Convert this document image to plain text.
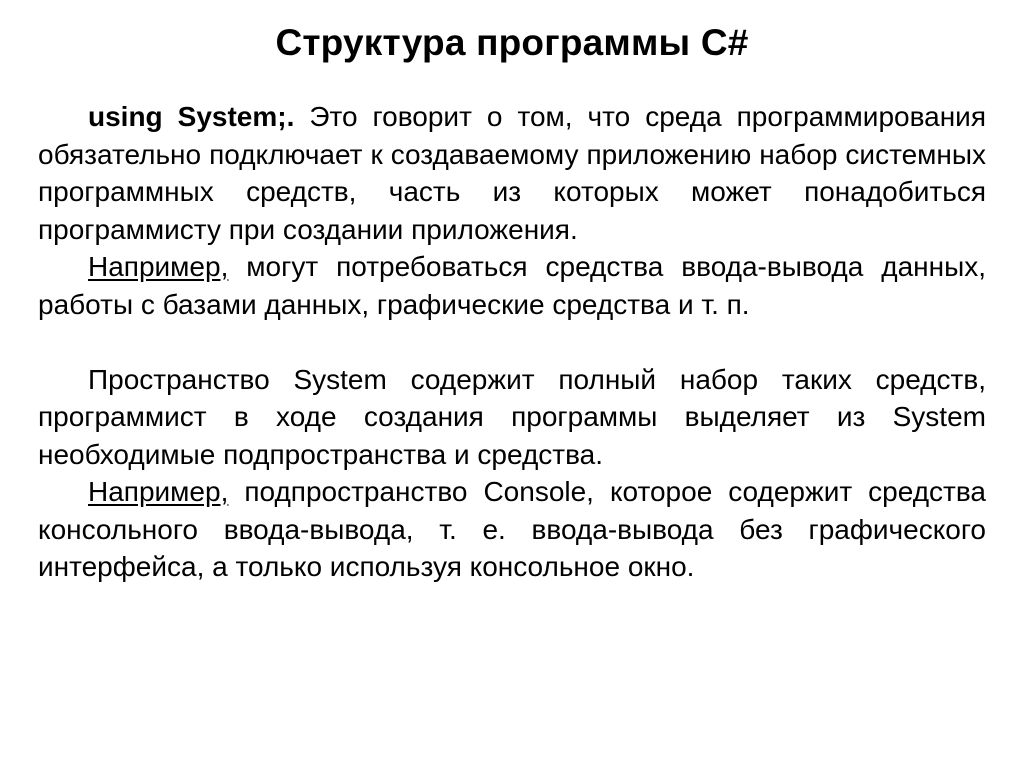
Структура программы С#

using System;. Это говорит о том, что среда программирования обязательно подключает к создаваемому приложению набор системных программных средств, часть из которых может понадобиться программисту при создании приложения.

Например, могут потребоваться средства ввода-вывода данных, работы с базами данных, графические средства и т. п.

Пространство System содержит полный набор таких средств, программист в ходе создания программы выделяет из System необходимые подпространства и средства.

Например, подпространство Console, которое содержит средства консольного ввода-вывода, т. е. ввода-вывода без графического интерфейса, а только используя консольное окно.
